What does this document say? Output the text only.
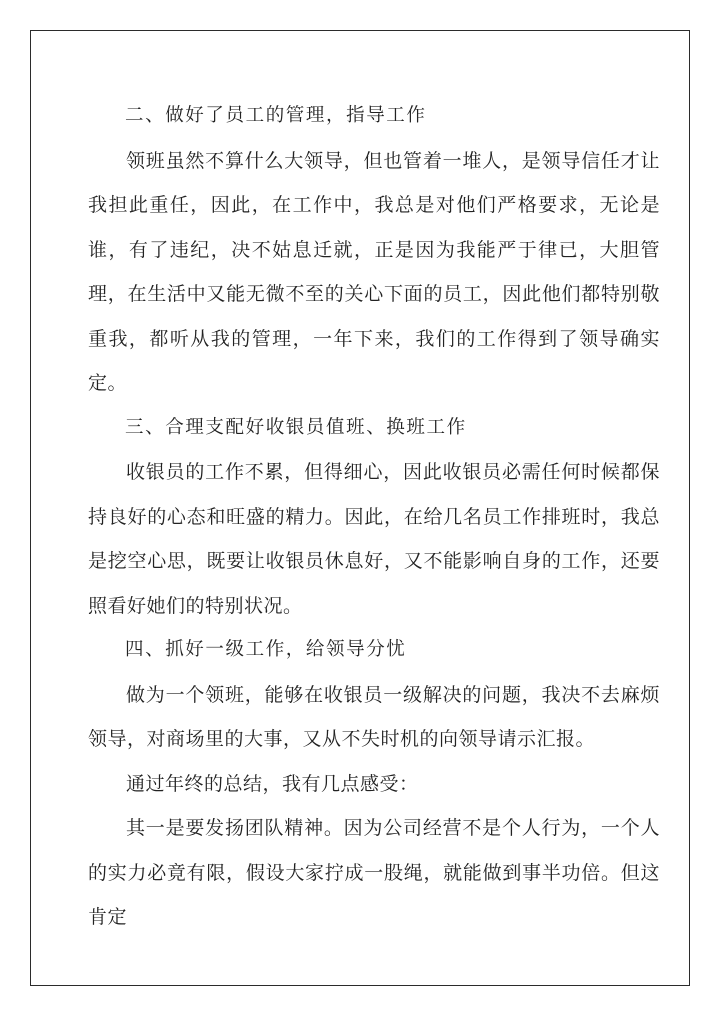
二、做好了员工的管理，指导工作

领班虽然不算什么大领导，但也管着一堆人，是领导信任才让我担此重任，因此，在工作中，我总是对他们严格要求，无论是谁，有了违纪，决不姑息迁就，正是因为我能严于律已，大胆管理，在生活中又能无微不至的关心下面的员工，因此他们都特别敬重我，都听从我的管理，一年下来，我们的工作得到了领导确实定。

三、合理支配好收银员值班、换班工作

收银员的工作不累，但得细心，因此收银员必需任何时候都保持良好的心态和旺盛的精力。因此，在给几名员工作排班时，我总是挖空心思，既要让收银员休息好，又不能影响自身的工作，还要照看好她们的特别状况。

四、抓好一级工作，给领导分忧

做为一个领班，能够在收银员一级解决的问题，我决不去麻烦领导，对商场里的大事，又从不失时机的向领导请示汇报。

通过年终的总结，我有几点感受：

其一是要发扬团队精神。因为公司经营不是个人行为，一个人的实力必竟有限，假设大家拧成一股绳，就能做到事半功倍。但这肯定
